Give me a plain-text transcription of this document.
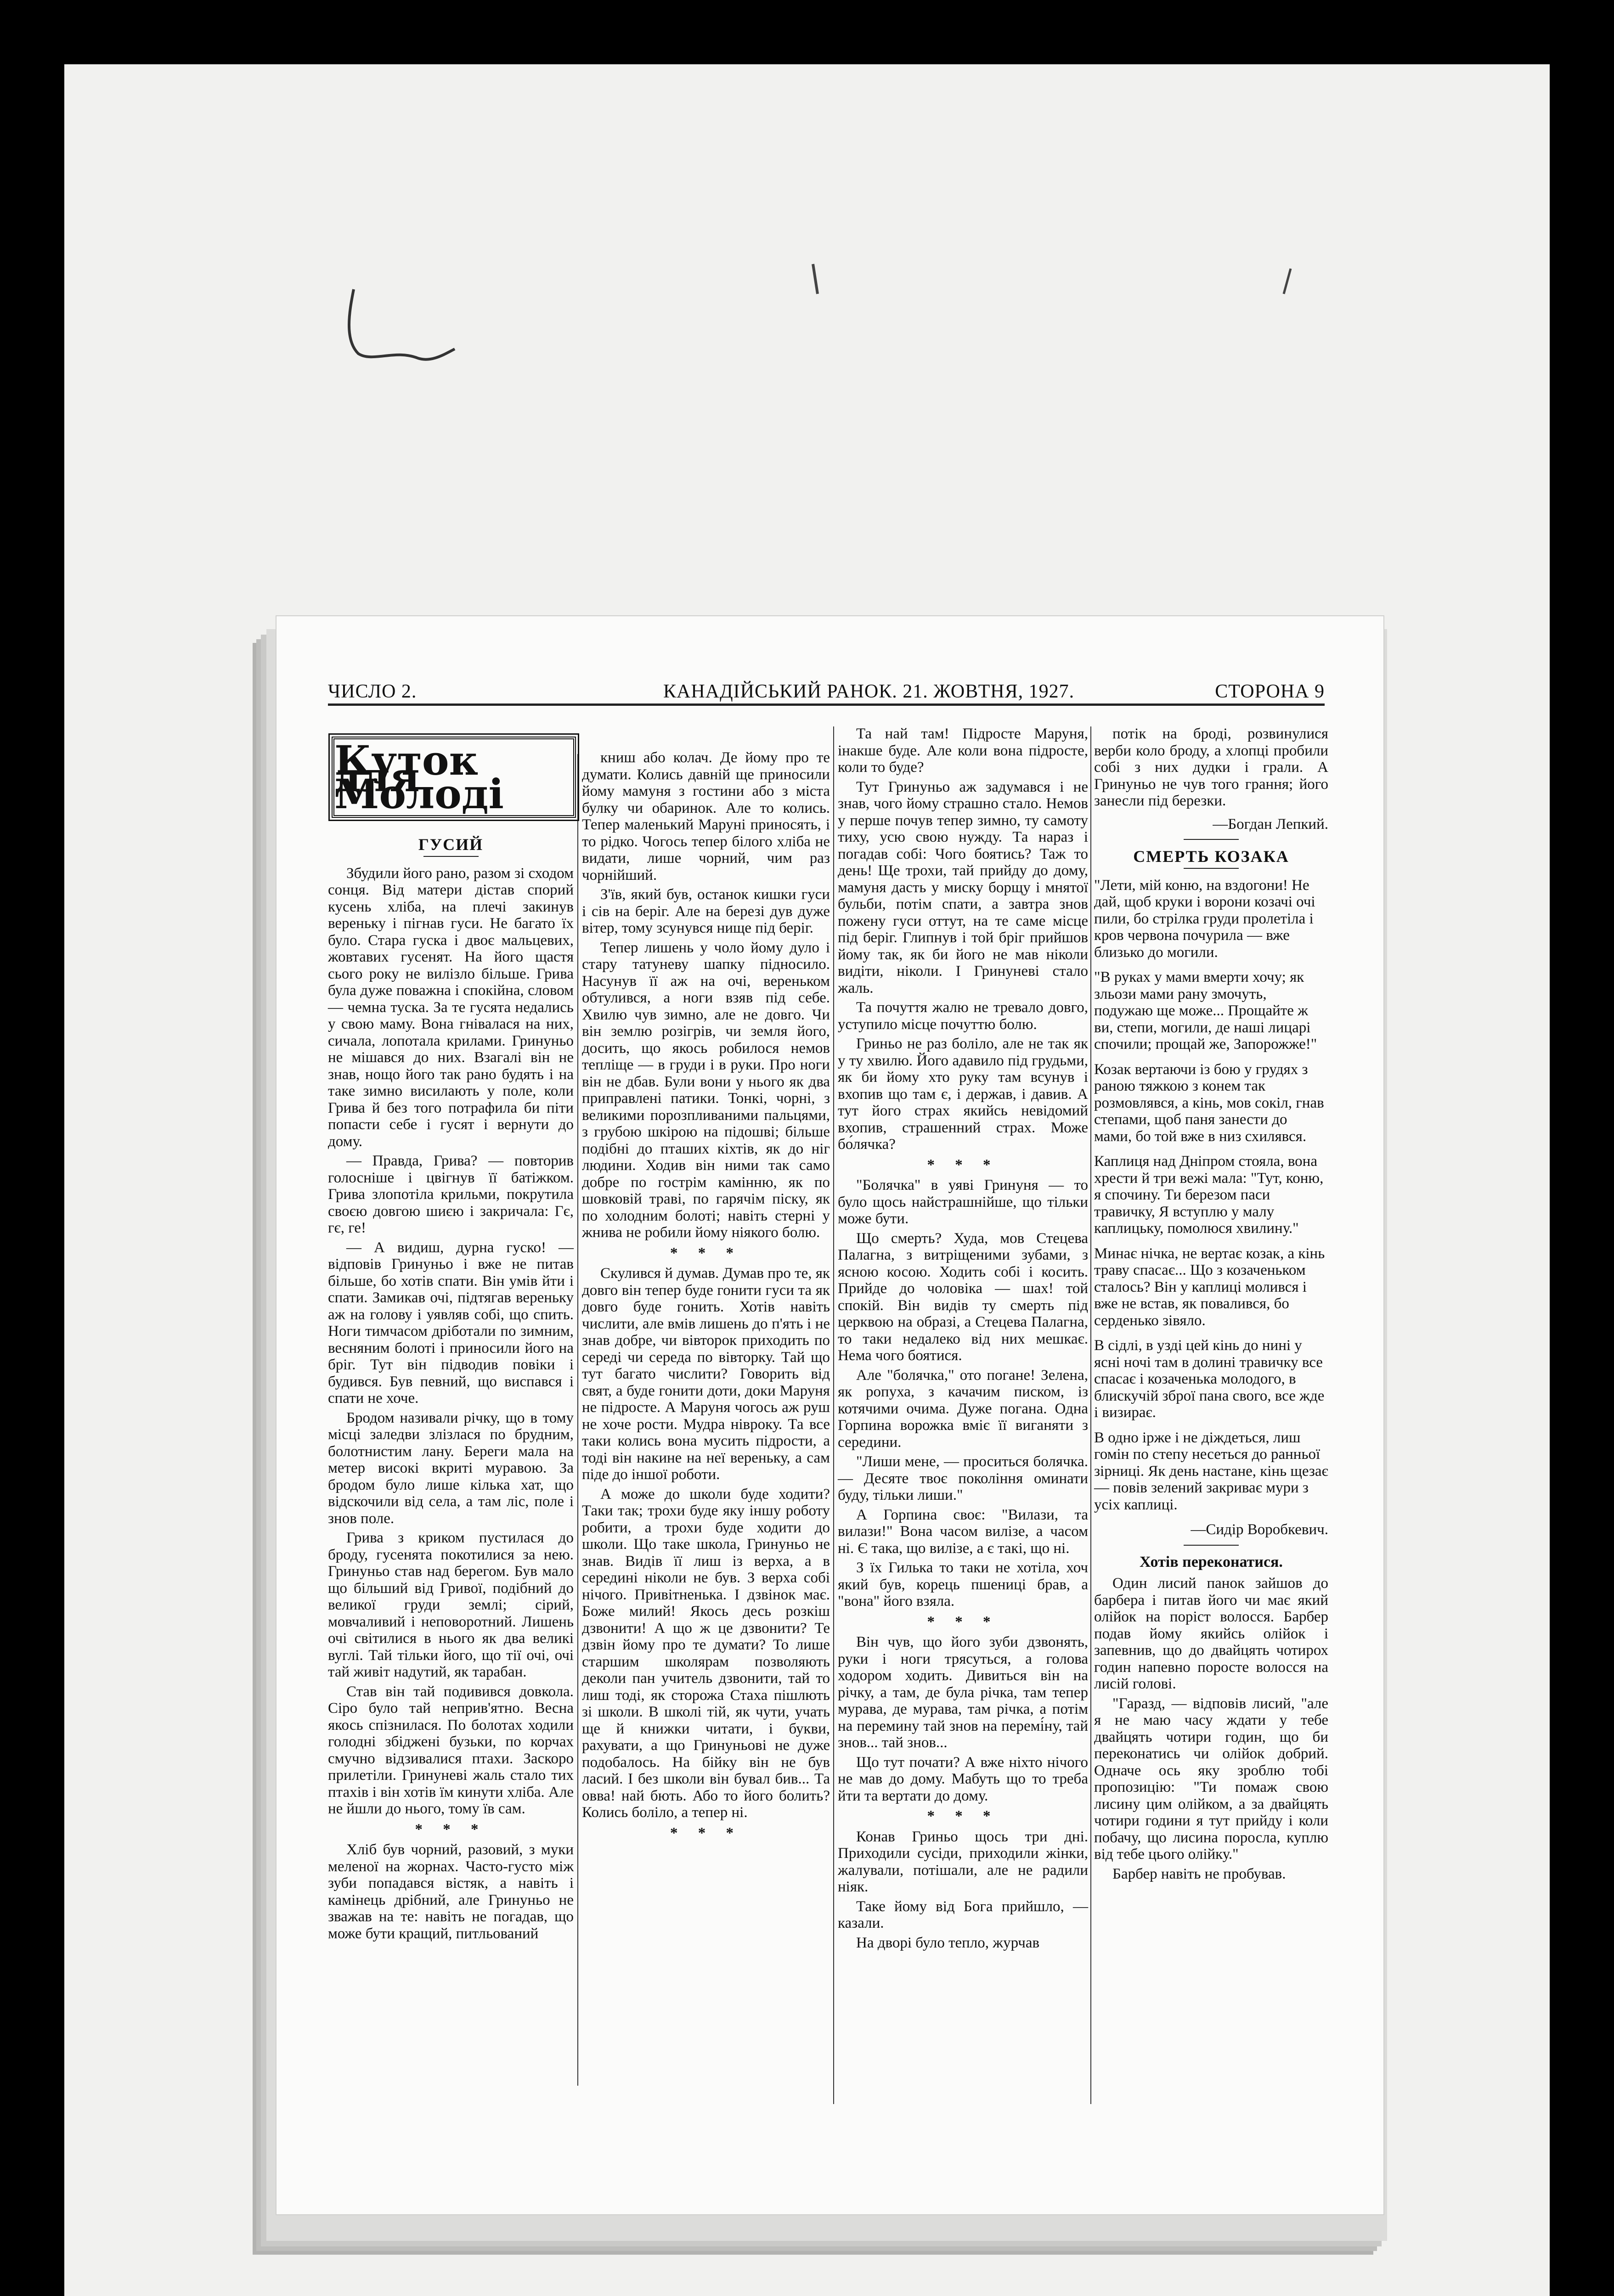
ЧИСЛО 2.	КАНАДІЙСЬКИЙ РАНОК. 21. ЖОВТНЯ, 1927.	СТОРОНА 9
Куток для Молоді

ГУСИЙ

Збудили його рано, разом зі сходом сонця. Від матери дістав спорий кусень хліба, на плечі закинув вереньку і пігнав гуси. Не багато їх було. Стара гуска і двоє мальцевих, жовтавих гусенят. На його щастя сього року не вилізло більше. Грива була дуже поважна і спокійна, словом — чемна туска. За те гусята недались у свою маму. Вона гнівалася на них, сичала, лопотала крилами. Гринуньо не мішався до них. Взагалі він не знав, нощо його так рано будять і на таке зимно висилають у поле, коли Грива й без того потрафила би піти попасти себе і гусят і вернути до дому.

— Правда, Грива? — повторив голосніше і цвігнув її батіжком. Грива злопотіла крильми, покрутила своєю довгою шиєю і закричала: Гє, гє, ге!

— А видиш, дурна гуско! — відповів Гринуньо і вже не питав більше, бо хотів спати. Він умів йти і спати. Замикав очі, підтягав вереньку аж на голову і уявляв собі, що спить. Ноги тимчасом дріботали по зимним, весняним болоті і приносили його на бріг. Тут він підводив повіки і будився. Був певний, що виспався і спати не хоче.

Бродом називали річку, що в тому місці заледви злізлася по брудним, болотнистим лану. Береги мала на метер високі вкриті муравою. За бродом було лише кілька хат, що відскочили від села, а там ліс, поле і знов поле.

Грива з криком пустилася до броду, гусенята покотилися за нею. Гринуньо став над берегом. Був мало що більший від Гривої, подібний до великої груди землі; сірий, мовчаливий і неповоротний. Лишень очі світилися в нього як два великі вуглі. Тай тільки його, що тії очі, очі тай живіт надутий, як тарабан.

Став він тай подивився довкола. Сіро було тай неприв'ятно. Весна якось спізнилася. По болотах ходили голодні збіджені бузьки, по корчах смучно відзивалися птахи. Заскоро прилетіли. Гринуневі жаль стало тих птахів і він хотів їм кинути хліба. Але не йшли до нього, тому їв сам.

* * *

Хліб був чорний, разовий, з муки меленої на жорнах. Часто-густо між зуби попадався вістяк, а навіть і камінець дрібний, але Гринуньо не зважав на те: навіть не погадав, що може бути кращий, питльований

книш або колач. Де йому про те думати. Колись давній ще приносили йому мамуня з гостини або з міста булку чи обаринок. Але то колись. Тепер маленький Маруні приносять, і то рідко. Чогось тепер білого хліба не видати, лише чорний, чим раз чорнійший.

З'їв, який був, останок кишки гуси і сів на беріг. Але на березі дув дуже вітер, тому зсунувся нище під беріг.

Тепер лишень у чоло йому дуло і стару татуневу шапку підносило. Насунув її аж на очі, вереньком обтулився, а ноги взяв під себе. Хвилю чув зимно, але не довго. Чи він землю розігрів, чи земля його, досить, що якось робилося немов тепліще — в груди і в руки. Про ноги він не дбав. Були вони у нього як два приправлені патики. Тонкі, чорні, з великими порозпливаними пальцями, з грубою шкірою на підошві; більше подібні до пташих кіхтів, як до ніг людини. Ходив він ними так само добре по гострім камінню, як по шовковій траві, по гарячім піску, як по холодним болоті; навіть стерні у жнива не робили йому ніякого болю.

* * *

Скулився й думав. Думав про те, як довго він тепер буде гонити гуси та як довго буде гонить. Хотів навіть числити, але вмів лишень до п'ять і не знав добре, чи вівторок приходить по середі чи середа по вівторку. Тай що тут багато числити? Говорить від свят, а буде гонити доти, доки Маруня не підросте. А Маруня чогось аж руш не хоче рости. Мудра нівроку. Та все таки колись вона мусить підрости, а тоді він накине на неї вереньку, а сам піде до іншої роботи.

А може до школи буде ходити? Таки так; трохи буде яку іншу роботу робити, а трохи буде ходити до школи. Що таке школа, Гринуньо не знав. Видів її лиш із верха, а в середині ніколи не був. З верха собі нічого. Привітненька. І дзвінок має. Боже милий! Якось десь розкіш дзвонити! А що ж це дзвонити? Те дзвін йому про те думати? То лише старшим школярам позволяють деколи пан учитель дзвонити, тай то лиш тоді, як сторожа Стаха пішлють зі школи. В школі тій, як чути, учать ще й книжки читати, і букви, рахувати, а що Гринуньові не дуже подобалось. На бійку він не був ласий. І без школи він бувал бив... Та овва! най бють. Або то його болить? Колись боліло, а тепер ні.

* * *

Та най там! Підросте Маруня, інакше буде. Але коли вона підросте, коли то буде?

Тут Гринуньо аж задумався і не знав, чого йому страшно стало. Немов у перше почув тепер зимно, ту самоту тиху, усю свою нужду. Та нараз і погадав собі: Чого боятись? Таж то день! Ще трохи, тай прийду до дому, мамуня дасть у миску борщу і мнятої бульби, потім спати, а завтра знов пожену гуси оттут, на те саме місце під беріг. Глипнув і той бріг прийшов йому так, як би його не мав ніколи видіти, ніколи. І Гринуневі стало жаль.

Та почуття жалю не тревало довго, уступило місце почуттю болю.

Гриньо не раз боліло, але не так як у ту хвилю. Його адавило під грудьми, як би йому хто руку там всунув і вхопив що там є, і держав, і давив. А тут його страх якийсь невідомий вхопив, страшенний страх. Може бо́лячка?

* * *

"Болячка" в уяві Гринуня — то було щось найстрашнійше, що тільки може бути.

Що смерть? Худа, мов Стецева Палагна, з витріщеними зубами, з ясною косою. Ходить собі і косить. Прийде до чоловіка — шах! той спокій. Він видів ту смерть під церквою на образі, а Стецева Палагна, то таки недалеко від них мешкає. Нема чого боятися.

Але "болячка," ото погане! Зелена, як ропуха, з качачим писком, із котячими очима. Дуже погана. Одна Горпина ворожка вміє її виганяти з середини.

"Лиши мене, — проситься болячка. — Десяте твоє покоління оминати буду, тільки лиши."

А Горпина своє: "Вилази, та вилази!" Вона часом вилізе, а часом ні. Є така, що вилізе, а є такі, що ні.

З їх Гилька то таки не хотіла, хоч який був, корець пшениці брав, а "вона" його взяла.

* * *

Він чув, що його зуби дзвонять, руки і ноги трясуться, а голова ходором ходить. Дивиться він на річку, а там, де була річка, там тепер мурава, де мурава, там річка, а потім на перемину тай знов на перемі́ну, тай знов... тай знов...

Що тут почати? А вже ніхто нічого не мав до дому. Мабуть що то треба йти та вертати до дому.

* * *

Конав Гриньо щось три дні. Приходили сусіди, приходили жінки, жалували, потішали, але не радили ніяк.

Таке йому від Бога прийшло, — казали.

На дворі було тепло, журчав

потік на броді, розвинулися верби коло броду, а хлопці пробили собі з них дудки і грали. А Гринуньо не чув того грання; його занесли під березки.

—Богдан Лепкий.

СМЕРТЬ КОЗАКА

"Лети, мій коню, на вздогони! Не дай, щоб круки і ворони козачі очі пили, бо стрілка груди пролетіла і кров червона почурила — вже близько до могили.

"В руках у мами вмерти хочу; як зльози мами рану змочуть, подужаю ще може... Прощайте ж ви, степи, могили, де наші лицарі спочили; прощай же, Запорожже!"

Козак вертаючи із бою у грудях з раною тяжкою з конем так розмовлявся, а кінь, мов сокіл, гнав степами, щоб паня занести до мами, бо той вже в низ схилявся.

Каплиця над Дніпром стояла, вона хрести й три вежі мала: "Тут, коню, я спочину. Ти березом паси травичку, Я вступлю у малу каплицьку, помолюся хвилину."

Минає нічка, не вертає козак, а кінь траву спасає... Що з козаченьком сталось? Він у каплиці молився і вже не встав, як повалився, бо серденько зівяло.

В сідлі, в узді цей кінь до нині у ясні ночі там в долині травичку все спасає і козаченька молодого, в блискучій зброї пана свого, все жде і визирає.

В одно ірже і не діждеться, лиш гомін по степу несеться до ранньої зірниці. Як день настане, кінь щезає — повів зелений закриває мури з усіх каплиці.

—Сидір Воробкевич.
Хотів переконатися.

Один лисий панок зайшов до барбера і питав його чи має який олійок на поріст волосся. Барбер подав йому якийсь олійок і запевнив, що до двайцять чотирох годин напевно поросте волосся на лисій голові.

"Гаразд, — відповів лисий, "але я не маю часу ждати у тебе двайцять чотири годин, що би переконатись чи олійок добрий. Одначе ось яку зроблю тобі пропозицію: "Ти помаж свою лисину цим олійком, а за двайцять чотири години я тут прийду і коли побачу, що лисина поросла, куплю від тебе цього олійку."

Барбер навіть не пробував.
